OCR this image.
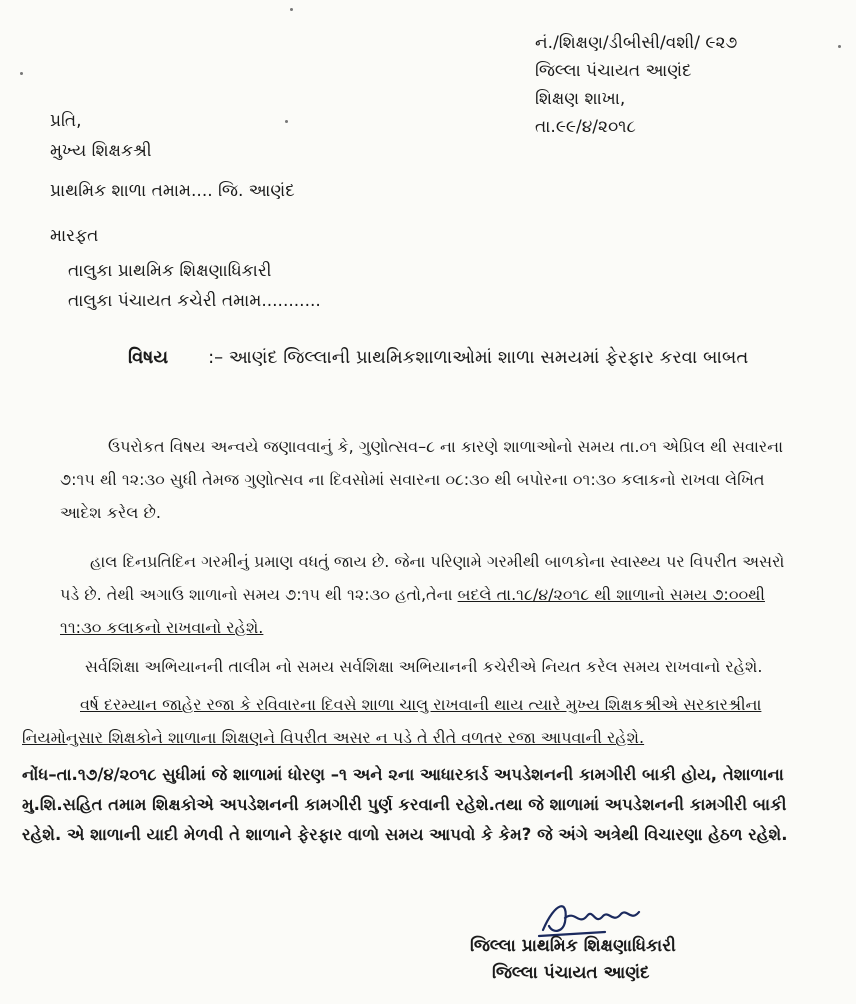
નં./શિક્ષણ/ડીબીસી/વશી/ ૯૨૭
જિલ્લા પંચાયત આણંદ
શિક્ષણ શાખા,
તા.૯૯/૪/૨૦૧૮
પ્રતિ,
મુખ્ય શિક્ષકશ્રી
પ્રાથમિક શાળા તમામ.... જિ. આણંદ
મારફત
તાલુકા પ્રાથમિક શિક્ષણાધિકારી
તાલુકા પંચાયત કચેરી તમામ...........
વિષય :– આણંદ જિલ્લાની પ્રાથમિકશાળાઓમાં શાળા સમયમાં ફેરફાર કરવા બાબત
ઉપરોકત વિષય અન્વયે જણાવવાનું કે, ગુણોત્સવ–૮ ના કારણે શાળાઓનો સમય તા.૦૧ એપ્રિલ થી સવારના ૭:૧૫ થી ૧૨:૩૦ સુધી તેમજ ગુણોત્સવ ના દિવસોમાં સવારના ૦૮:૩૦ થી બપોરના ૦૧:૩૦ કલાકનો રાખવા લેખિત આદેશ કરેલ છે.
હાલ દિનપ્રતિદિન ગરમીનું પ્રમાણ વધતું જાય છે. જેના પરિણામે ગરમીથી બાળકોના સ્વાસ્થ્ય પર વિપરીત અસરો પડે છે. તેથી અગાઉ શાળાનો સમય ૭:૧૫ થી ૧૨:૩૦ હતો,તેના બદલે તા.૧૮/૪/૨૦૧૮ થી શાળાનો સમય ૭:૦૦થી ૧૧:૩૦ કલાકનો રાખવાનો રહેશે.
સર્વશિક્ષા અભિયાનની તાલીમ નો સમય સર્વશિક્ષા અભિયાનની કચેરીએ નિયત કરેલ સમય રાખવાનો રહેશે.
વર્ષ દરમ્યાન જાહેર રજા કે રવિવારના દિવસે શાળા ચાલુ રાખવાની થાય ત્યારે મુખ્ય શિક્ષકશ્રીએ સરકારશ્રીના નિયમોનુસાર શિક્ષકોને શાળાના શિક્ષણને વિપરીત અસર ન પડે તે રીતે વળતર રજા આપવાની રહેશે.
નોંધ–તા.૧૭/૪/૨૦૧૮ સુધીમાં જે શાળામાં ધોરણ –૧ અને ૨ના આધારકાર્ડ અપડેશનની કામગીરી બાકી હોય, તેશાળાના મુ.શિ.સહિત તમામ શિક્ષકોએ અપડેશનની કામગીરી પુર્ણ કરવાની રહેશે.તથા જે શાળામાં અપડેશનની કામગીરી બાકી રહેશે. એ શાળાની યાદી મેળવી તે શાળાને ફેરફાર વાળો સમય આપવો કે કેમ? જે અંગે અત્રેથી વિચારણા હેઠળ રહેશે.
જિલ્લા પ્રાથમિક શિક્ષણાધિકારી
જિલ્લા પંચાયત આણંદ
